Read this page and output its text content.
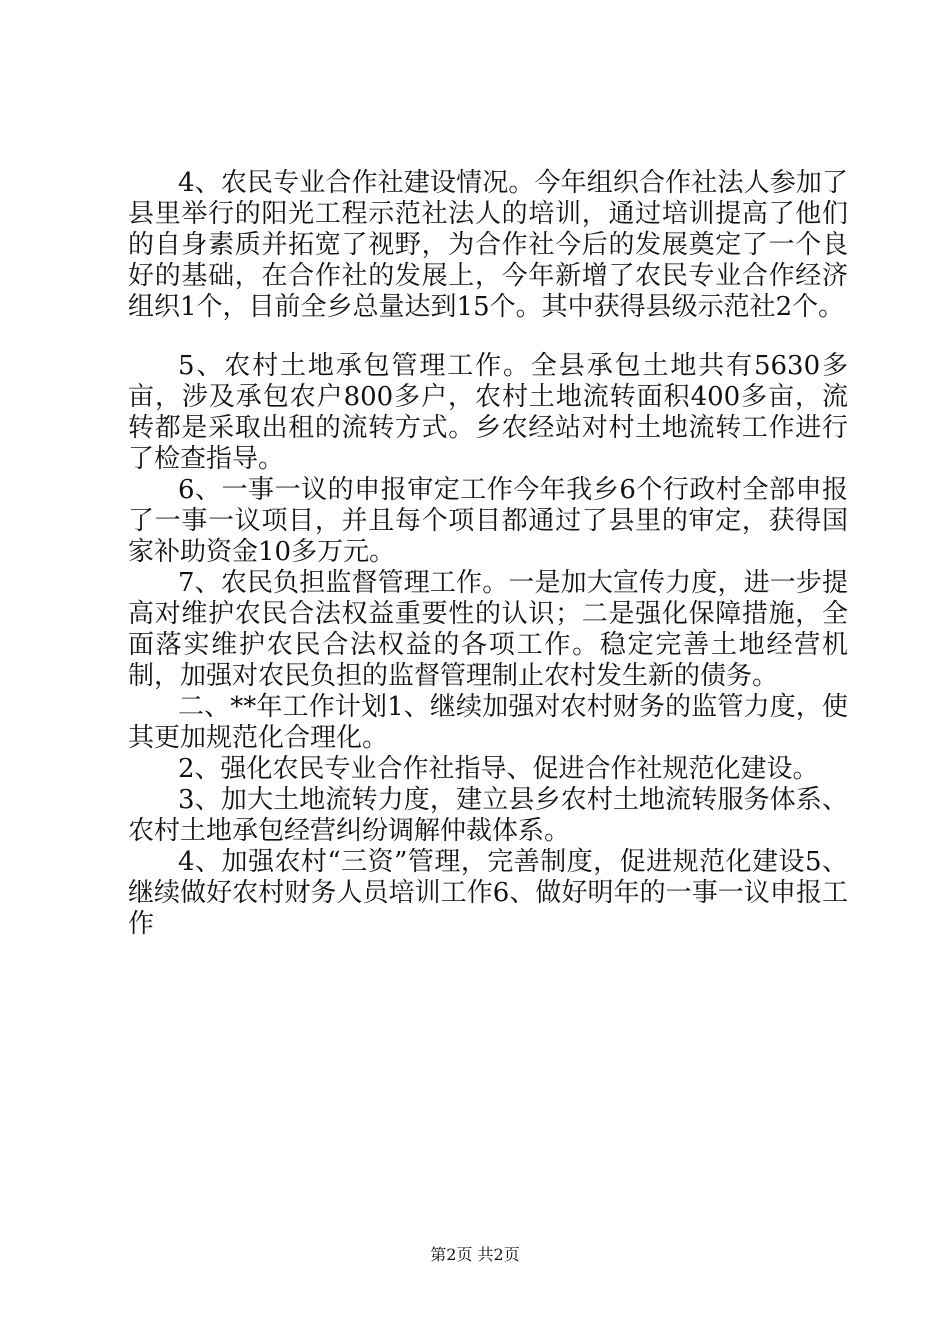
4、农民专业合作社建设情况。今年组织合作社法人参加了县里举行的阳光工程示范社法人的培训，通过培训提高了他们的自身素质并拓宽了视野，为合作社今后的发展奠定了一个良好的基础，在合作社的发展上，今年新增了农民专业合作经济组织1个，目前全乡总量达到15个。其中获得县级示范社2个。

5、农村土地承包管理工作。全县承包土地共有5630多亩，涉及承包农户800多户，农村土地流转面积400多亩，流转都是采取出租的流转方式。乡农经站对村土地流转工作进行了检查指导。

6、一事一议的申报审定工作今年我乡6个行政村全部申报了一事一议项目，并且每个项目都通过了县里的审定，获得国家补助资金10多万元。

7、农民负担监督管理工作。一是加大宣传力度，进一步提高对维护农民合法权益重要性的认识；二是强化保障措施，全面落实维护农民合法权益的各项工作。稳定完善土地经营机制，加强对农民负担的监督管理制止农村发生新的债务。

二、**年工作计划1、继续加强对农村财务的监管力度，使其更加规范化合理化。

2、强化农民专业合作社指导、促进合作社规范化建设。

3、加大土地流转力度，建立县乡农村土地流转服务体系、农村土地承包经营纠纷调解仲裁体系。

4、加强农村“三资”管理，完善制度，促进规范化建设5、继续做好农村财务人员培训工作6、做好明年的一事一议申报工作

第2页 共2页
